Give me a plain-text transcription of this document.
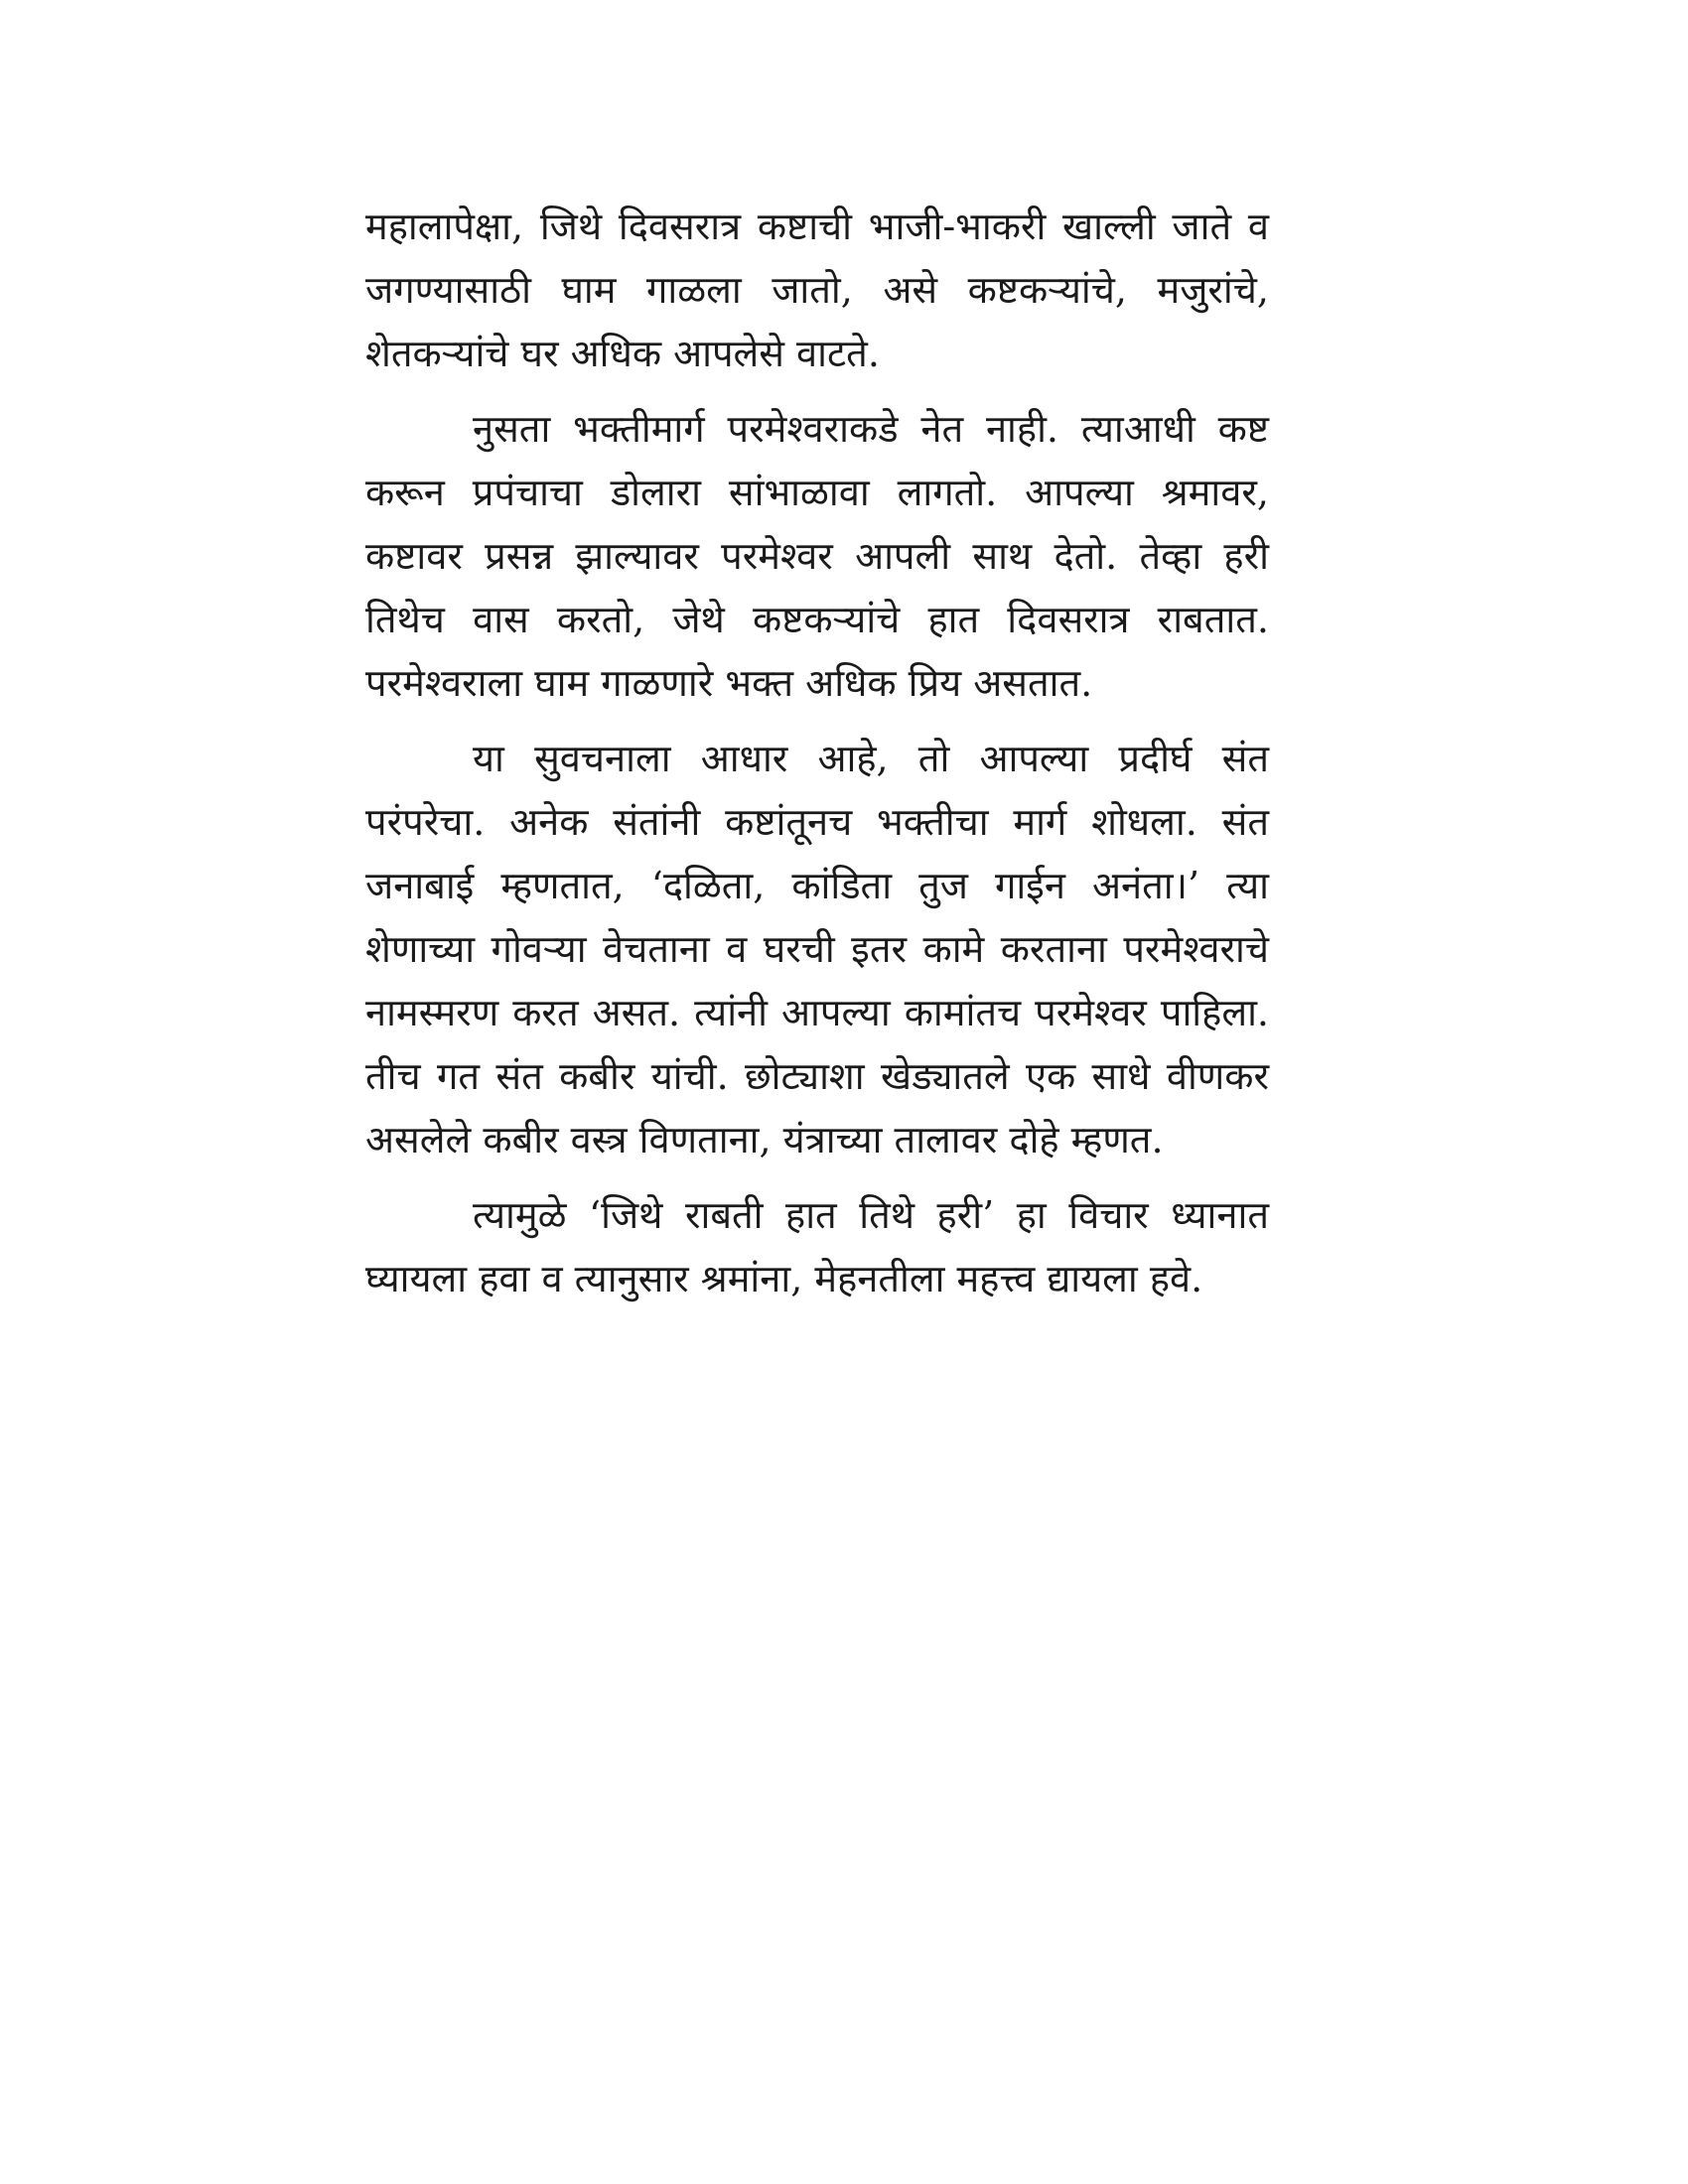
महालापेक्षा, जिथे दिवसरात्र कष्टाची भाजी-भाकरी खाल्ली जाते व जगण्यासाठी घाम गाळला जातो, असे कष्टकऱ्यांचे, मजुरांचे, शेतकऱ्यांचे घर अधिक आपलेसे वाटते.

नुसता भक्तीमार्ग परमेश्वराकडे नेत नाही. त्याआधी कष्ट करून प्रपंचाचा डोलारा सांभाळावा लागतो. आपल्या श्रमावर, कष्टावर प्रसन्न झाल्यावर परमेश्वर आपली साथ देतो. तेव्हा हरी तिथेच वास करतो, जेथे कष्टकऱ्यांचे हात दिवसरात्र राबतात. परमेश्वराला घाम गाळणारे भक्त अधिक प्रिय असतात.

या सुवचनाला आधार आहे, तो आपल्या प्रदीर्घ संत परंपरेचा. अनेक संतांनी कष्टांतूनच भक्तीचा मार्ग शोधला. संत जनाबाई म्हणतात, ‘दळिता, कांडिता तुज गाईन अनंता।’ त्या शेणाच्या गोवऱ्या वेचताना व घरची इतर कामे करताना परमेश्वराचे नामस्मरण करत असत. त्यांनी आपल्या कामांतच परमेश्वर पाहिला. तीच गत संत कबीर यांची. छोट्याशा खेड्यातले एक साधे वीणकर असलेले कबीर वस्त्र विणताना, यंत्राच्या तालावर दोहे म्हणत.

त्यामुळे ‘जिथे राबती हात तिथे हरी’ हा विचार ध्यानात घ्यायला हवा व त्यानुसार श्रमांना, मेहनतीला महत्त्व द्यायला हवे.
